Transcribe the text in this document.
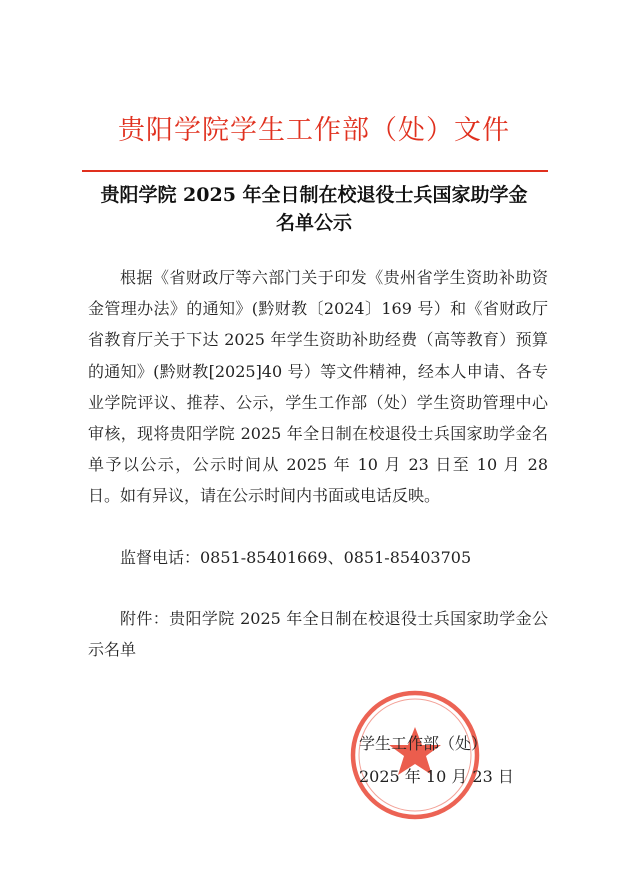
贵阳学院学生工作部（处）文件
贵阳学院 2025 年全日制在校退役士兵国家助学金
名单公示

根据《省财政厅等六部门关于印发《贵州省学生资助补助资金管理办法》的通知》(黔财教〔2024〕169 号）和《省财政厅省教育厅关于下达 2025 年学生资助补助经费（高等教育）预算的通知》(黔财教[2025]40 号）等文件精神，经本人申请、各专业学院评议、推荐、公示，学生工作部（处）学生资助管理中心审核，现将贵阳学院 2025 年全日制在校退役士兵国家助学金名单予以公示，公示时间从 2025 年 10 月 23 日至 10 月 28 日。如有异议，请在公示时间内书面或电话反映。

监督电话：0851-85401669、0851-85403705

附件：贵阳学院 2025 年全日制在校退役士兵国家助学金公示名单

学生工作部（处）
2025 年 10 月 23 日
